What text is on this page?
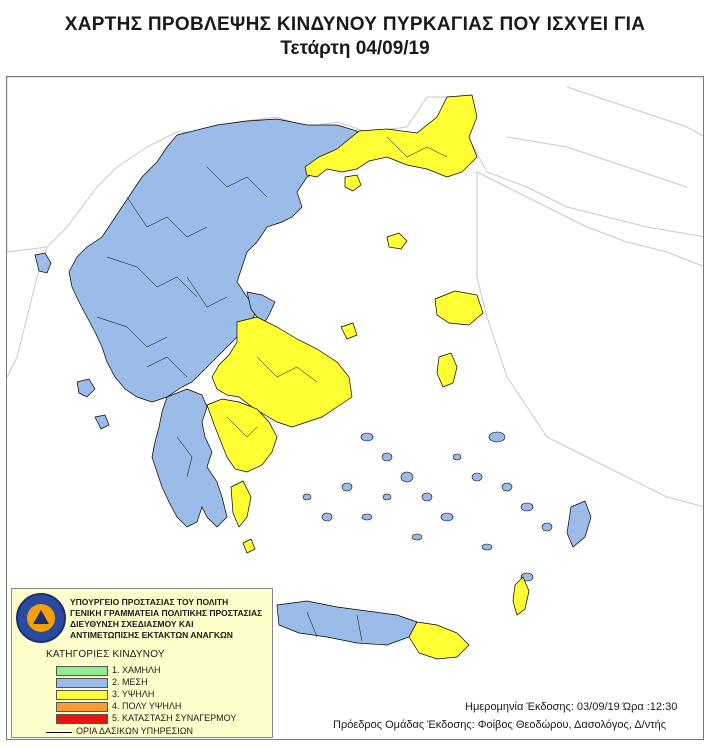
ΧΑΡΤΗΣ ΠΡΟΒΛΕΨΗΣ ΚΙΝΔΥΝΟΥ ΠΥΡΚΑΓΙΑΣ ΠΟΥ ΙΣΧΥΕΙ ΓΙΑ
Τετάρτη 04/09/19
ΥΠΟΥΡΓΕΙΟ ΠΡΟΣΤΑΣΙΑΣ ΤΟΥ ΠΟΛΙΤΗ
ΓΕΝΙΚΗ ΓΡΑΜΜΑΤΕΙΑ ΠΟΛΙΤΙΚΗΣ ΠΡΟΣΤΑΣΙΑΣ
ΔΙΕΥΘΥΝΣΗ ΣΧΕΔΙΑΣΜΟΥ ΚΑΙ
ΑΝΤΙΜΕΤΩΠΙΣΗΣ ΕΚΤΑΚΤΩΝ ΑΝΑΓΚΩΝ
ΚΑΤΗΓΟΡΙΕΣ ΚΙΝΔΥΝΟΥ
1. ΧΑΜΗΛΗ
2. ΜΕΣΗ
3. ΥΨΗΛΗ
4. ΠΟΛΥ ΥΨΗΛΗ
5. ΚΑΤΑΣΤΑΣΗ ΣΥΝΑΓΕΡΜΟΥ
ΟΡΙΑ ΔΑΣΙΚΩΝ ΥΠΗΡΕΣΙΩΝ
Ημερομηνία Έκδοσης: 03/09/19 Ώρα :12:30
Πρόεδρος Ομάδας Έκδοσης: Φοίβος Θεοδώρου, Δασολόγος, Δ/ντής
